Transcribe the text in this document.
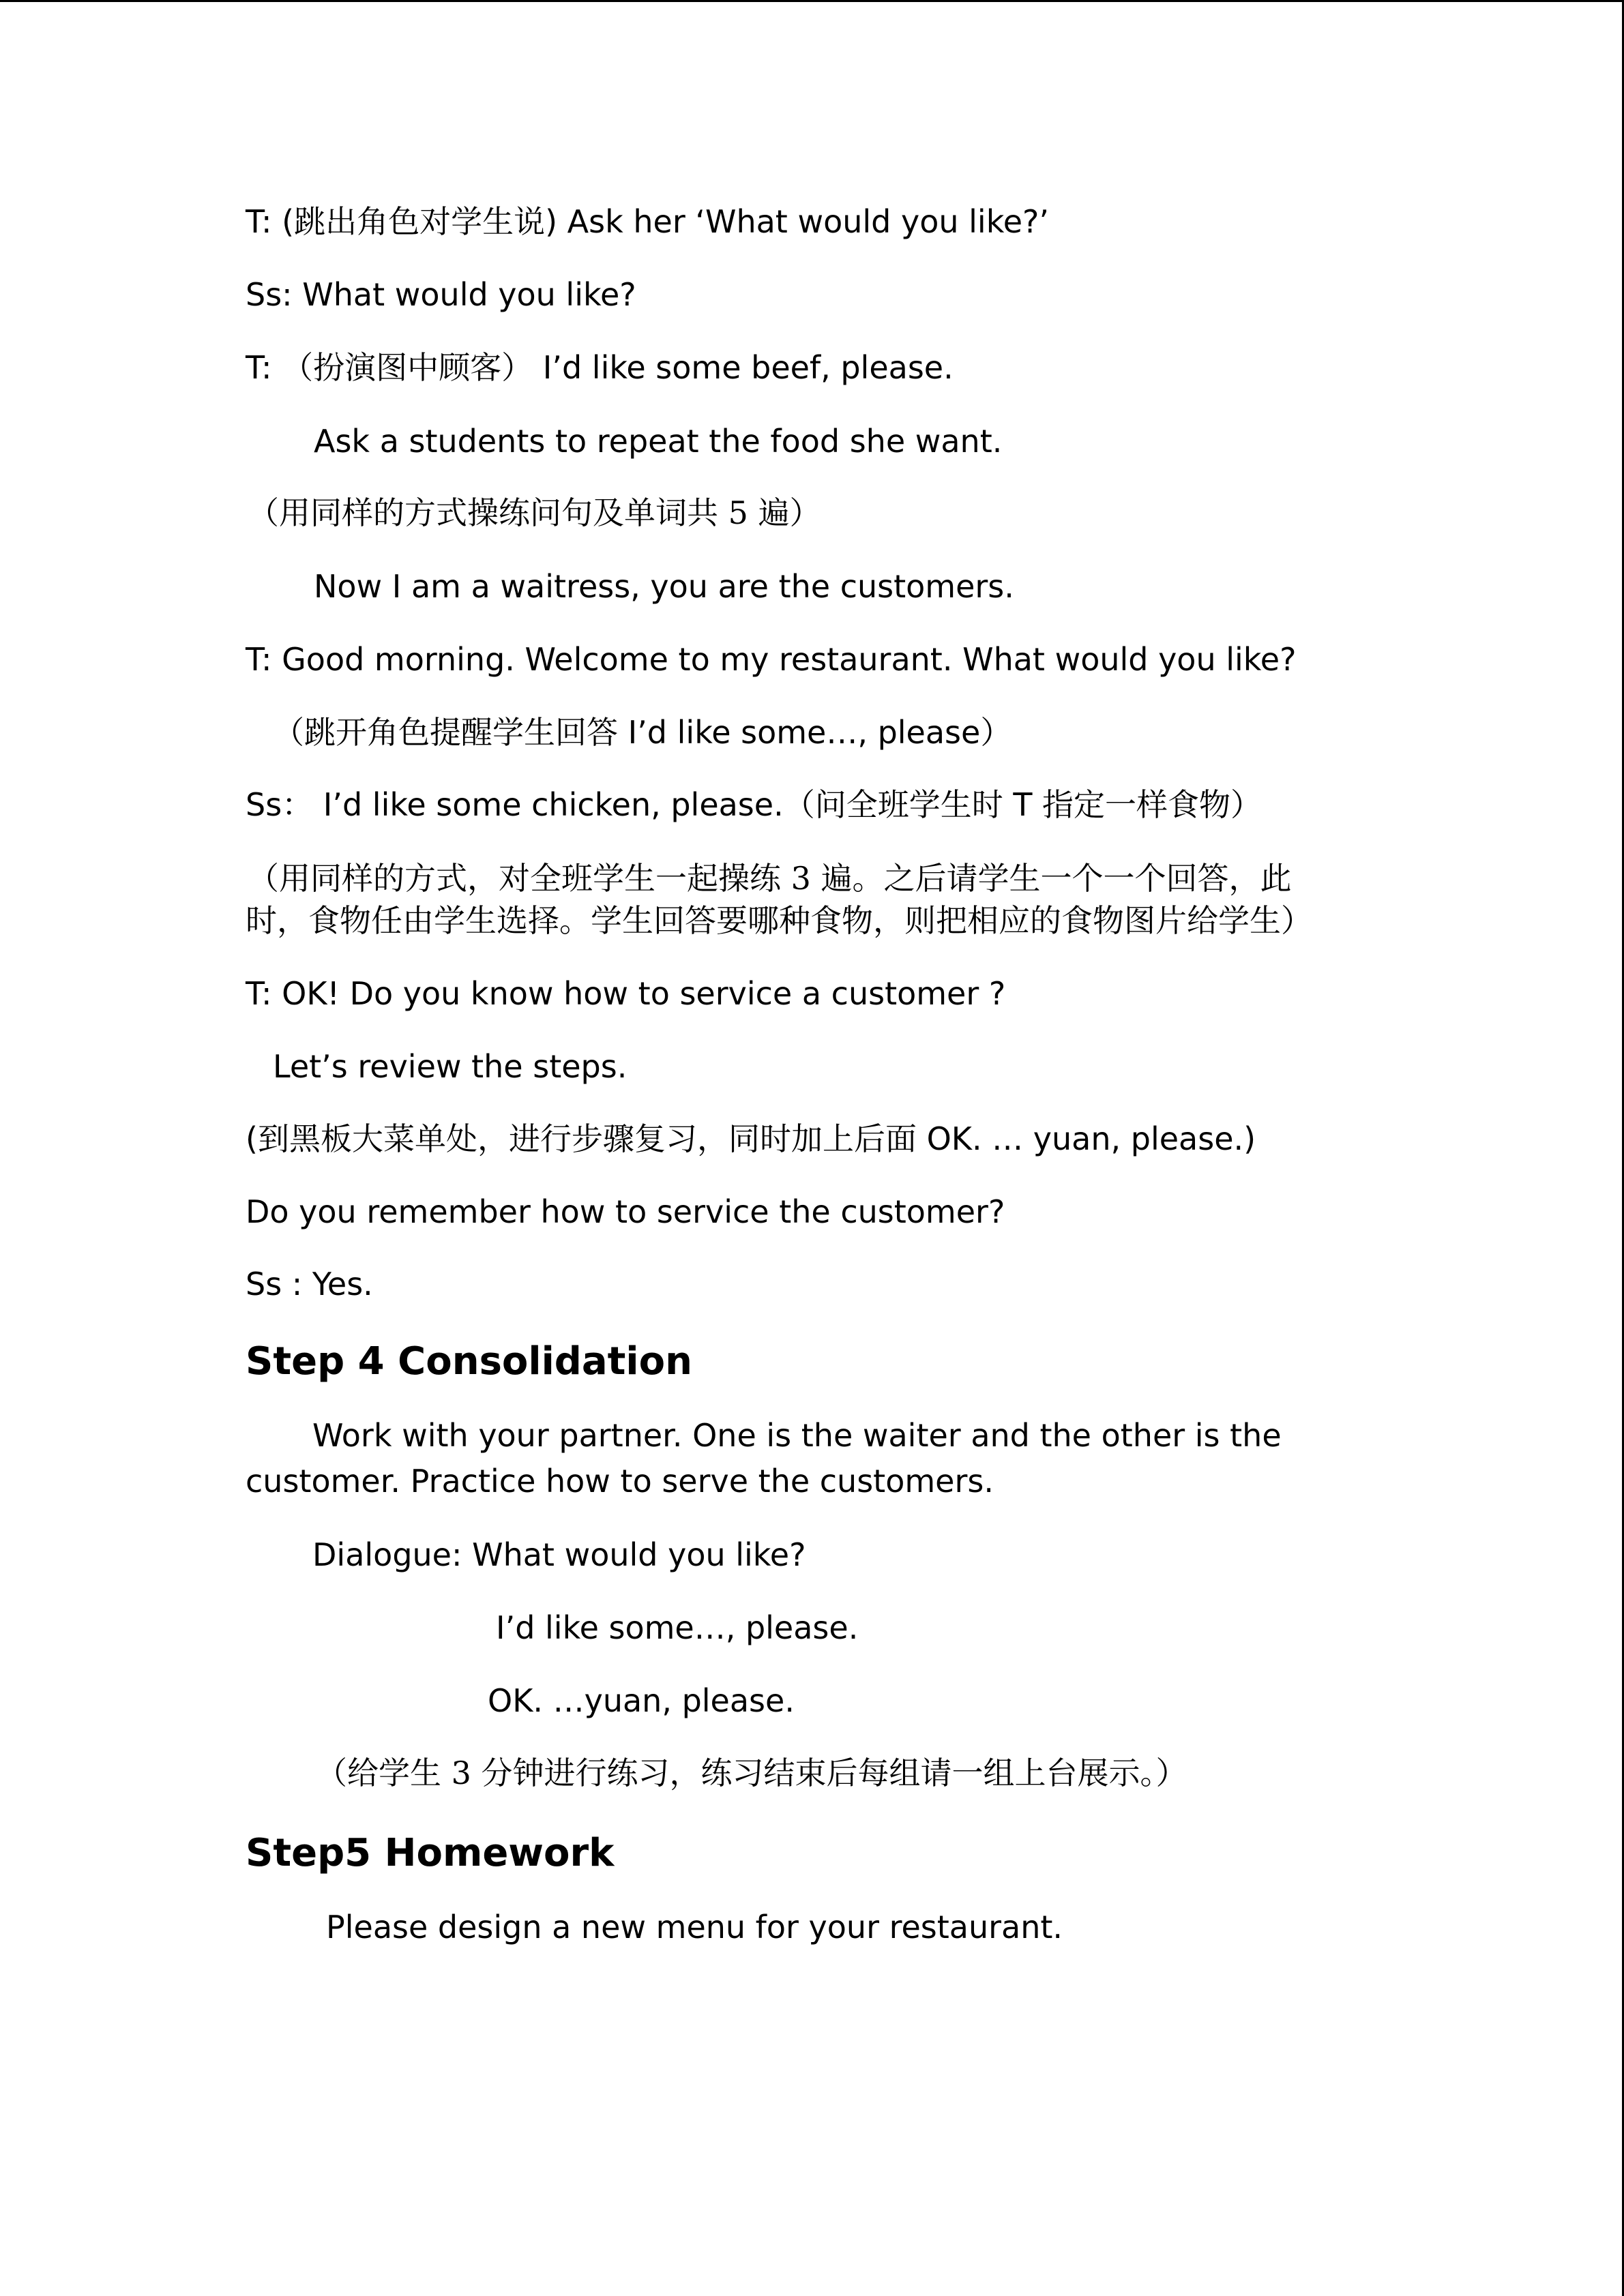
T: (跳出角色对学生说) Ask her ‘What would you like?’

Ss: What would you like?

T: （扮演图中顾客） I’d like some beef, please.

Ask a students to repeat the food she want.

（用同样的方式操练问句及单词共 5 遍）

Now I am a waitress, you are the customers.

T: Good morning. Welcome to my restaurant. What would you like?

（跳开角色提醒学生回答 I’d like some…, please）

Ss： I’d like some chicken, please.（问全班学生时 T 指定一样食物）

（用同样的方式，对全班学生一起操练 3 遍。之后请学生一个一个回答，此

时，食物任由学生选择。学生回答要哪种食物，则把相应的食物图片给学生）

T: OK! Do you know how to service a customer ?

Let’s review the steps.

(到黑板大菜单处，进行步骤复习，同时加上后面 OK. … yuan, please.)

Do you remember how to service the customer?

Ss : Yes.

Step 4 Consolidation

Work with your partner. One is the waiter and the other is the

customer. Practice how to serve the customers.

Dialogue: What would you like?

I’d like some…, please.

OK. …yuan, please.

（给学生 3 分钟进行练习，练习结束后每组请一组上台展示。）

Step5 Homework

Please design a new menu for your restaurant.
